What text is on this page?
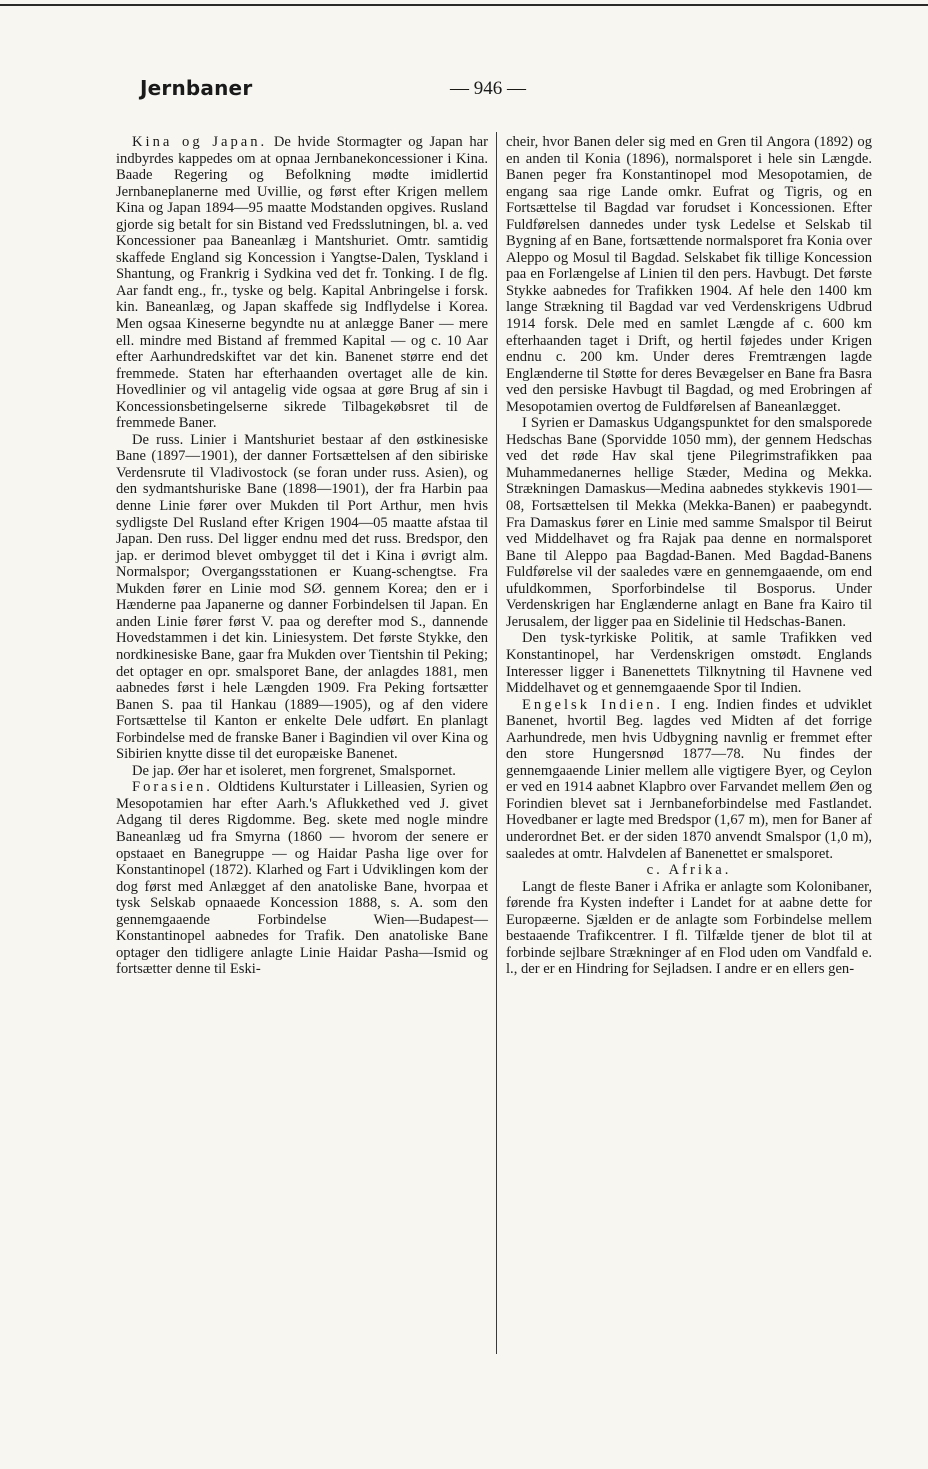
Jernbaner	— 946 —

Kina og Japan. De hvide Stormagter og Japan har indbyrdes kappedes om at opnaa Jernbanekoncessioner i Kina. Baade Regering og Befolkning mødte imidlertid Jernbaneplanerne med Uvillie, og først efter Krigen mellem Kina og Japan 1894—95 maatte Modstanden opgives. Rusland gjorde sig betalt for sin Bistand ved Fredsslutningen, bl. a. ved Koncessioner paa Baneanlæg i Mantshuriet. Omtr. samtidig skaffede England sig Koncession i Yangtse-Dalen, Tyskland i Shantung, og Frankrig i Sydkina ved det fr. Tonking. I de flg. Aar fandt eng., fr., tyske og belg. Kapital Anbringelse i forsk. kin. Baneanlæg, og Japan skaffede sig Indflydelse i Korea. Men ogsaa Kineserne begyndte nu at anlægge Baner — mere ell. mindre med Bistand af fremmed Kapital — og c. 10 Aar efter Aarhundredskiftet var det kin. Banenet større end det fremmede. Staten har efterhaanden overtaget alle de kin. Hovedlinier og vil antagelig vide ogsaa at gøre Brug af sin i Koncessionsbetingelserne sikrede Tilbagekøbsret til de fremmede Baner.

De russ. Linier i Mantshuriet bestaar af den østkinesiske Bane (1897—1901), der danner Fortsættelsen af den sibiriske Verdensrute til Vladivostock (se foran under russ. Asien), og den sydmantshuriske Bane (1898—1901), der fra Harbin paa denne Linie fører over Mukden til Port Arthur, men hvis sydligste Del Rusland efter Krigen 1904—05 maatte afstaa til Japan. Den russ. Del ligger endnu med det russ. Bredspor, den jap. er derimod blevet ombygget til det i Kina i øvrigt alm. Normalspor; Overgangsstationen er Kuang-schengtse. Fra Mukden fører en Linie mod SØ. gennem Korea; den er i Hænderne paa Japanerne og danner Forbindelsen til Japan. En anden Linie fører først V. paa og derefter mod S., dannende Hovedstammen i det kin. Liniesystem. Det første Stykke, den nordkinesiske Bane, gaar fra Mukden over Tientshin til Peking; det optager en opr. smalsporet Bane, der anlagdes 1881, men aabnedes først i hele Længden 1909. Fra Peking fortsætter Banen S. paa til Hankau (1889—1905), og af den videre Fortsættelse til Kanton er enkelte Dele udført. En planlagt Forbindelse med de franske Baner i Bagindien vil over Kina og Sibirien knytte disse til det europæiske Banenet.

De jap. Øer har et isoleret, men forgrenet, Smalspornet.

Forasien. Oldtidens Kulturstater i Lilleasien, Syrien og Mesopotamien har efter Aarh.'s Aflukkethed ved J. givet Adgang til deres Rigdomme. Beg. skete med nogle mindre Baneanlæg ud fra Smyrna (1860 — hvorom der senere er opstaaet en Banegruppe — og Haidar Pasha lige over for Konstantinopel (1872). Klarhed og Fart i Udviklingen kom der dog først med Anlægget af den anatoliske Bane, hvorpaa et tysk Selskab opnaaede Koncession 1888, s. A. som den gennemgaaende Forbindelse Wien—Budapest—Konstantinopel aabnedes for Trafik. Den anatoliske Bane optager den tidligere anlagte Linie Haidar Pasha—Ismid og fortsætter denne til Eski-

cheir, hvor Banen deler sig med en Gren til Angora (1892) og en anden til Konia (1896), normalsporet i hele sin Længde. Banen peger fra Konstantinopel mod Mesopotamien, de engang saa rige Lande omkr. Eufrat og Tigris, og en Fortsættelse til Bagdad var forudset i Koncessionen. Efter Fuldførelsen dannedes under tysk Ledelse et Selskab til Bygning af en Bane, fortsættende normalsporet fra Konia over Aleppo og Mosul til Bagdad. Selskabet fik tillige Koncession paa en Forlængelse af Linien til den pers. Havbugt. Det første Stykke aabnedes for Trafikken 1904. Af hele den 1400 km lange Strækning til Bagdad var ved Verdenskrigens Udbrud 1914 forsk. Dele med en samlet Længde af c. 600 km efterhaanden taget i Drift, og hertil føjedes under Krigen endnu c. 200 km. Under deres Fremtrængen lagde Englænderne til Støtte for deres Bevægelser en Bane fra Basra ved den persiske Havbugt til Bagdad, og med Erobringen af Mesopotamien overtog de Fuldførelsen af Baneanlægget.

I Syrien er Damaskus Udgangspunktet for den smalsporede Hedschas Bane (Sporvidde 1050 mm), der gennem Hedschas ved det røde Hav skal tjene Pilegrimstrafikken paa Muhammedanernes hellige Stæder, Medina og Mekka. Strækningen Damaskus—Medina aabnedes stykkevis 1901—08, Fortsættelsen til Mekka (Mekka-Banen) er paabegyndt. Fra Damaskus fører en Linie med samme Smalspor til Beirut ved Middelhavet og fra Rajak paa denne en normalsporet Bane til Aleppo paa Bagdad-Banen. Med Bagdad-Banens Fuldførelse vil der saaledes være en gennemgaaende, om end ufuldkommen, Sporforbindelse til Bosporus. Under Verdenskrigen har Englænderne anlagt en Bane fra Kairo til Jerusalem, der ligger paa en Sidelinie til Hedschas-Banen.

Den tysk-tyrkiske Politik, at samle Trafikken ved Konstantinopel, har Verdenskrigen omstødt. Englands Interesser ligger i Banenettets Tilknytning til Havnene ved Middelhavet og et gennemgaaende Spor til Indien.

Engelsk Indien. I eng. Indien findes et udviklet Banenet, hvortil Beg. lagdes ved Midten af det forrige Aarhundrede, men hvis Udbygning navnlig er fremmet efter den store Hungersnød 1877—78. Nu findes der gennemgaaende Linier mellem alle vigtigere Byer, og Ceylon er ved en 1914 aabnet Klapbro over Farvandet mellem Øen og Forindien blevet sat i Jernbaneforbindelse med Fastlandet. Hovedbaner er lagte med Bredspor (1,67 m), men for Baner af underordnet Bet. er der siden 1870 anvendt Smalspor (1,0 m), saaledes at omtr. Halvdelen af Banenettet er smalsporet.

c. Afrika.

Langt de fleste Baner i Afrika er anlagte som Kolonibaner, førende fra Kysten indefter i Landet for at aabne dette for Europæerne. Sjælden er de anlagte som Forbindelse mellem bestaaende Trafikcentrer. I fl. Tilfælde tjener de blot til at forbinde sejlbare Strækninger af en Flod uden om Vandfald e. l., der er en Hindring for Sejladsen. I andre er en ellers gen-
